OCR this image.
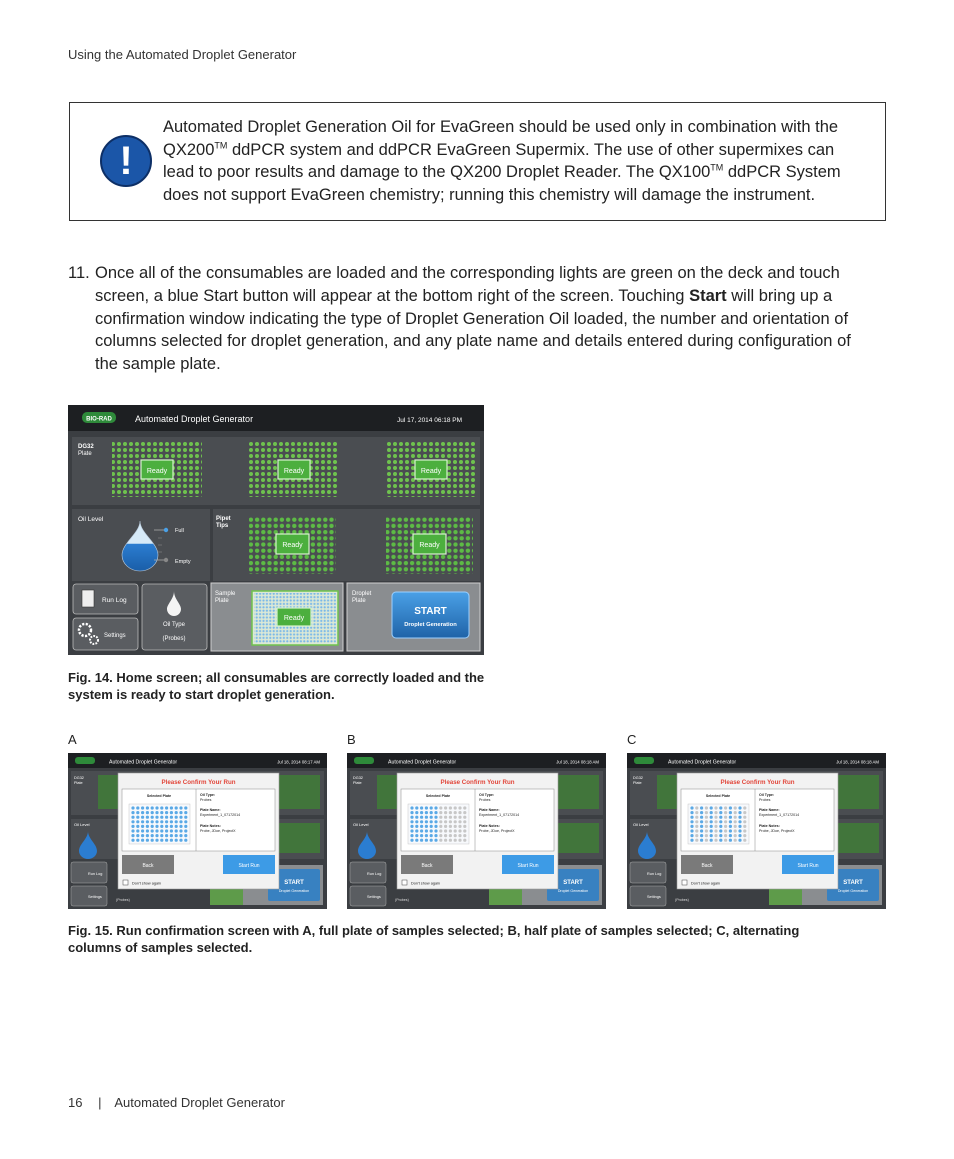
Using the Automated Droplet Generator
!
Automated Droplet Generation Oil for EvaGreen should be used only in combination with the QX200™ ddPCR system and ddPCR EvaGreen Supermix. The use of other supermixes can lead to poor results and damage to the QX200 Droplet Reader. The QX100™ ddPCR System does not support EvaGreen chemistry; running this chemistry will damage the instrument.
11. Once all of the consumables are loaded and the corresponding lights are green on the deck and touch screen, a blue Start button will appear at the bottom right of the screen. Touching Start will bring up a confirmation window indicating the type of Droplet Generation Oil loaded, the number and orientation of columns selected for droplet generation, and any plate name and details entered during configuration of the sample plate.
BIO-RAD	Automated Droplet Generator	Jul 17, 2014 06:18 PM
DG32
Plate
Ready	Ready	Ready
Oil Level
Full
Empty
Pipet
Tips
Ready	Ready
Run Log
Settings
Oil Type
(Probes)
Sample
Plate
Ready
Droplet
Plate
START
Droplet Generation
Fig. 14. Home screen; all consumables are correctly loaded and the system is ready to start droplet generation.
A	B	C
Automated Droplet Generator	Jul 18, 2014 08:17 AM
DG32
Plate
Oil Level
Run Log
Settings
(Probes)
START
Droplet Generation
Please Confirm Your Run
Selected Plate	Oil Type:
Probes
Plate Name:
Experiment_1_07172014
Plate Notes:
Probe, JDoe, ProjectX
Back	Start Run
Don't show again
Automated Droplet Generator	Jul 18, 2014 08:18 AM
DG32
Plate
Oil Level
Run Log
Settings
(Probes)
START
Droplet Generation
Please Confirm Your Run
Selected Plate	Oil Type:
Probes
Plate Name:
Experiment_1_07172014
Plate Notes:
Probe, JDoe, ProjectX
Back	Start Run
Don't show again
Automated Droplet Generator	Jul 18, 2014 08:18 AM
DG32
Plate
Oil Level
Run Log
Settings
(Probes)
START
Droplet Generation
Please Confirm Your Run
Selected Plate	Oil Type:
Probes
Plate Name:
Experiment_1_07172014
Plate Notes:
Probe, JDoe, ProjectX
Back	Start Run
Don't show again
Fig. 15. Run confirmation screen with A, full plate of samples selected; B, half plate of samples selected; C, alternating columns of samples selected.
16 | Automated Droplet Generator
